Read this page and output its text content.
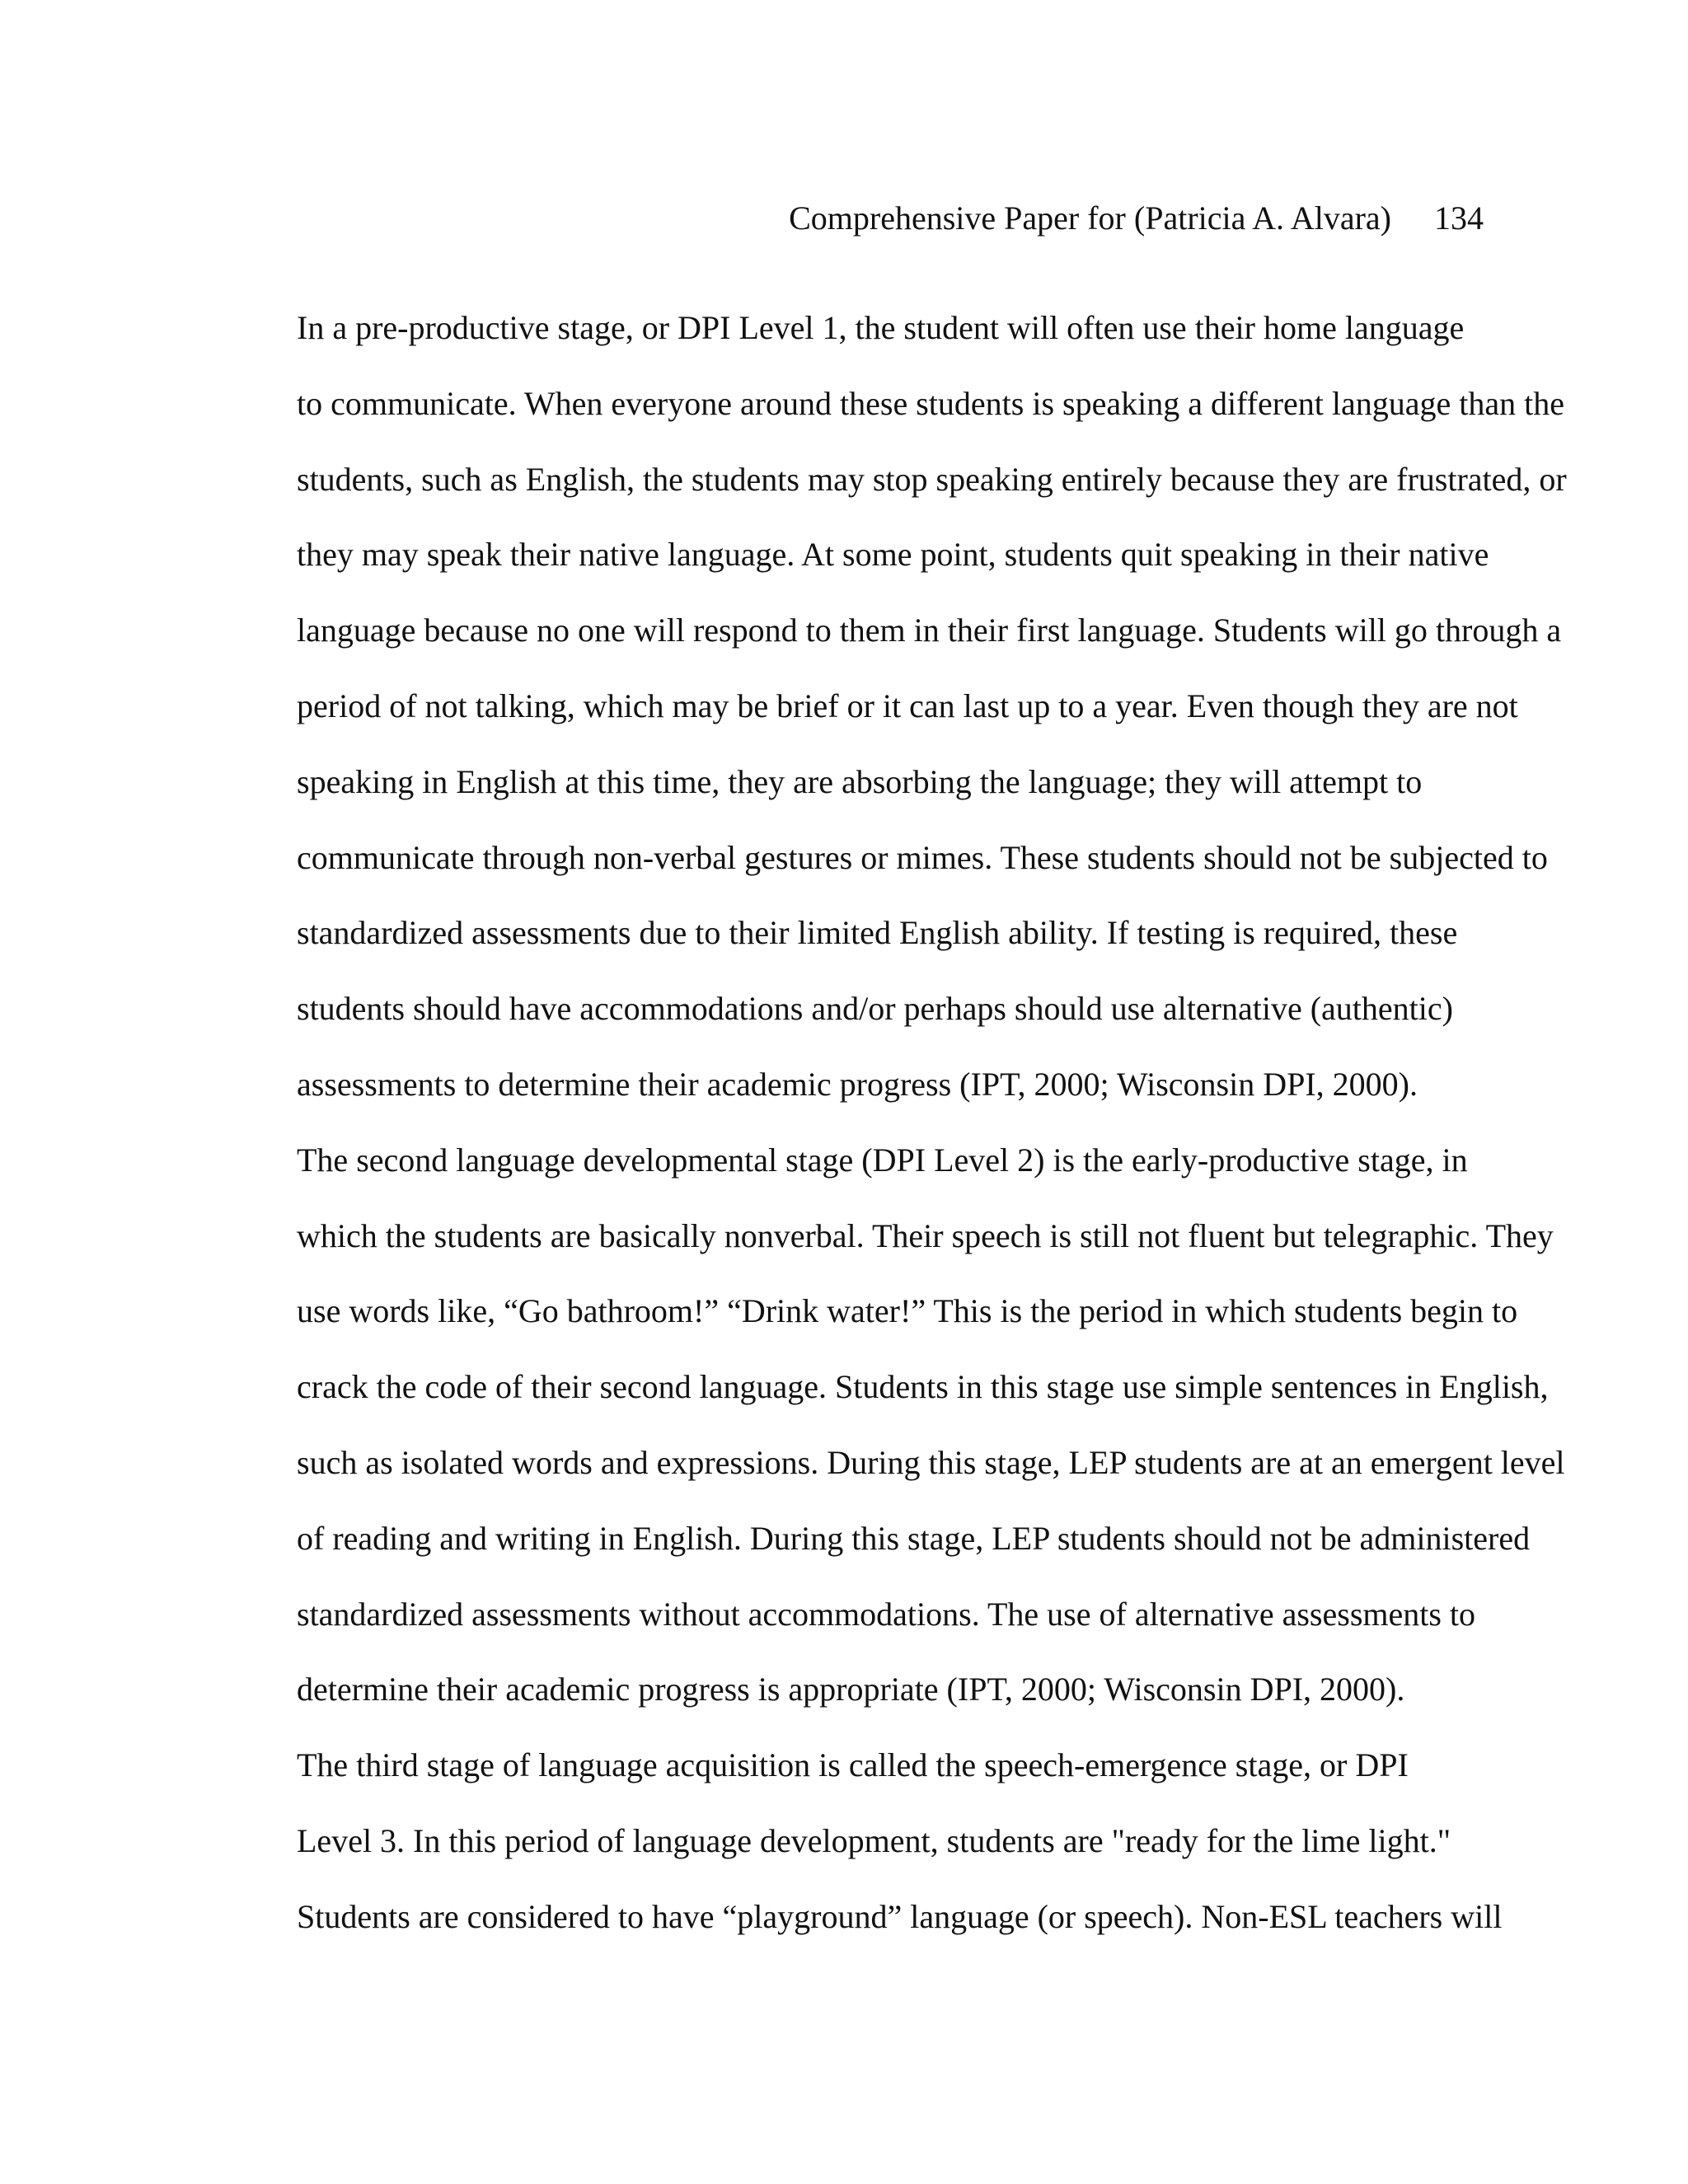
Comprehensive Paper for (Patricia A. Alvara) 134

In a pre-productive stage, or DPI Level 1, the student will often use their home language
to communicate. When everyone around these students is speaking a different language than the
students, such as English, the students may stop speaking entirely because they are frustrated, or
they may speak their native language. At some point, students quit speaking in their native
language because no one will respond to them in their first language. Students will go through a
period of not talking, which may be brief or it can last up to a year. Even though they are not
speaking in English at this time, they are absorbing the language; they will attempt to
communicate through non-verbal gestures or mimes. These students should not be subjected to
standardized assessments due to their limited English ability. If testing is required, these
students should have accommodations and/or perhaps should use alternative (authentic)
assessments to determine their academic progress (IPT, 2000; Wisconsin DPI, 2000).

The second language developmental stage (DPI Level 2) is the early-productive stage, in
which the students are basically nonverbal. Their speech is still not fluent but telegraphic. They
use words like, “Go bathroom!” “Drink water!” This is the period in which students begin to
crack the code of their second language. Students in this stage use simple sentences in English,
such as isolated words and expressions. During this stage, LEP students are at an emergent level
of reading and writing in English. During this stage, LEP students should not be administered
standardized assessments without accommodations. The use of alternative assessments to
determine their academic progress is appropriate (IPT, 2000; Wisconsin DPI, 2000).

The third stage of language acquisition is called the speech-emergence stage, or DPI
Level 3. In this period of language development, students are "ready for the lime light."
Students are considered to have “playground” language (or speech). Non-ESL teachers will
